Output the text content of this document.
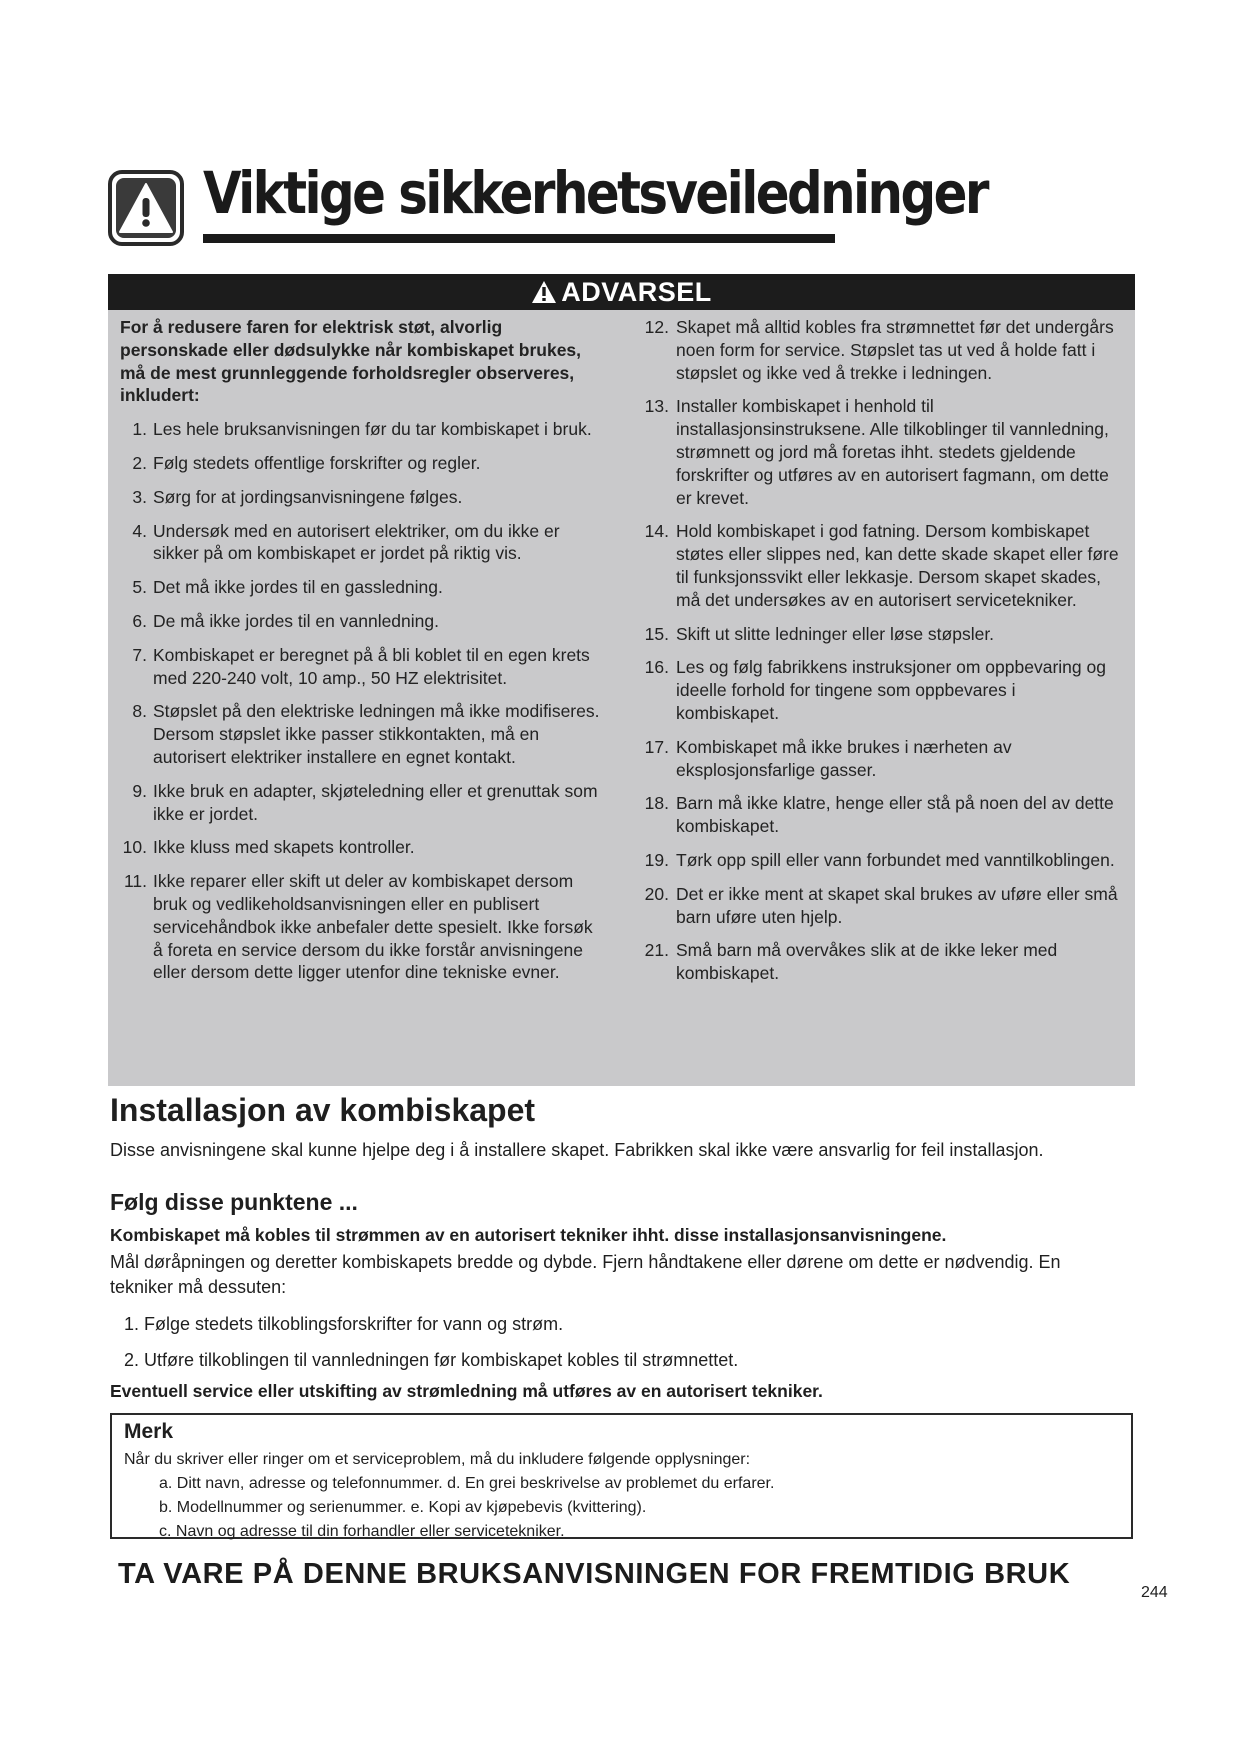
Viktige sikkerhetsveiledninger
ADVARSEL

For å redusere faren for elektrisk støt, alvorlig personskade eller dødsulykke når kombiskapet brukes, må de mest grunnleggende forholdsregler observeres, inkludert:

1. Les hele bruksanvisningen før du tar kombiskapet i bruk.
2. Følg stedets offentlige forskrifter og regler.
3. Sørg for at jordingsanvisningene følges.
4. Undersøk med en autorisert elektriker, om du ikke er sikker på om kombiskapet er jordet på riktig vis.
5. Det må ikke jordes til en gassledning.
6. De må ikke jordes til en vannledning.
7. Kombiskapet er beregnet på å bli koblet til en egen krets med 220-240 volt, 10 amp., 50 HZ elektrisitet.
8. Støpslet på den elektriske ledningen må ikke modifiseres. Dersom støpslet ikke passer stikkontakten, må en autorisert elektriker installere en egnet kontakt.
9. Ikke bruk en adapter, skjøteledning eller et grenuttak som ikke er jordet.
10. Ikke kluss med skapets kontroller.
11. Ikke reparer eller skift ut deler av kombiskapet dersom bruk og vedlikeholdsanvisningen eller en publisert servicehåndbok ikke anbefaler dette spesielt. Ikke forsøk å foreta en service dersom du ikke forstår anvisningene eller dersom dette ligger utenfor dine tekniske evner.
12. Skapet må alltid kobles fra strømnettet før det undergårs noen form for service. Støpslet tas ut ved å holde fatt i støpslet og ikke ved å trekke i ledningen.
13. Installer kombiskapet i henhold til installasjonsinstruksene. Alle tilkoblinger til vannledning, strømnett og jord må foretas ihht. stedets gjeldende forskrifter og utføres av en autorisert fagmann, om dette er krevet.
14. Hold kombiskapet i god fatning. Dersom kombiskapet støtes eller slippes ned, kan dette skade skapet eller føre til funksjonssvikt eller lekkasje. Dersom skapet skades, må det undersøkes av en autorisert servicetekniker.
15. Skift ut slitte ledninger eller løse støpsler.
16. Les og følg fabrikkens instruksjoner om oppbevaring og ideelle forhold for tingene som oppbevares i kombiskapet.
17. Kombiskapet må ikke brukes i nærheten av eksplosjonsfarlige gasser.
18. Barn må ikke klatre, henge eller stå på noen del av dette kombiskapet.
19. Tørk opp spill eller vann forbundet med vanntilkoblingen.
20. Det er ikke ment at skapet skal brukes av uføre eller små barn uføre uten hjelp.
21. Små barn må overvåkes slik at de ikke leker med kombiskapet.
Installasjon av kombiskapet

Disse anvisningene skal kunne hjelpe deg i å installere skapet. Fabrikken skal ikke være ansvarlig for feil installasjon.

Følg disse punktene ...

Kombiskapet må kobles til strømmen av en autorisert tekniker ihht. disse installasjonsanvisningene.

Mål døråpningen og deretter kombiskapets bredde og dybde. Fjern håndtakene eller dørene om dette er nødvendig. En tekniker må dessuten:

1. Følge stedets tilkoblingsforskrifter for vann og strøm.
2. Utføre tilkoblingen til vannledningen før kombiskapet kobles til strømnettet.

Eventuell service eller utskifting av strømledning må utføres av en autorisert tekniker.

Merk

Når du skriver eller ringer om et serviceproblem, må du inkludere følgende opplysninger:

a. Ditt navn, adresse og telefonnummer. d. En grei beskrivelse av problemet du erfarer.

b. Modellnummer og serienummer. e. Kopi av kjøpebevis (kvittering).

c. Navn og adresse til din forhandler eller servicetekniker.

TA VARE PÅ DENNE BRUKSANVISNINGEN FOR FREMTIDIG BRUK

244
